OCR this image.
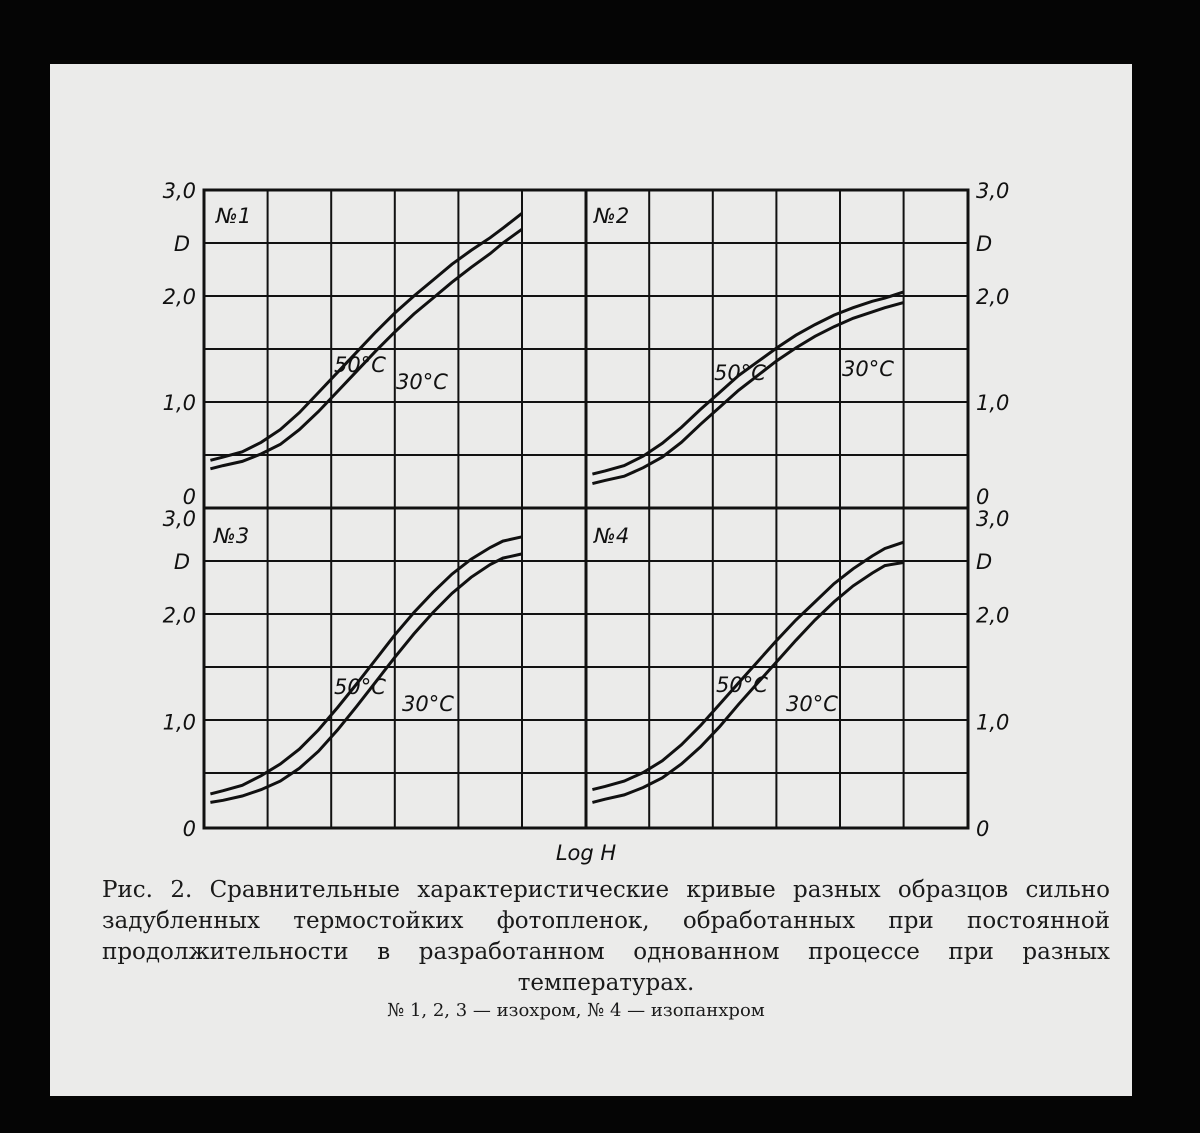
№1	№2
№3	№4
50°C
30°C	50°C	30°C
50°C
30°C
50°C
30°C
0
1,0
2,0
3,0
D
0
1,0
2,0
3,0
D
0
1,0
2,0
3,0
D
0
1,0
2,0
3,0
D
Log H
Рис. 2. Сравнительные характеристические кривые разных образцов сильно задубленных термостойких фотопленок, обработанных при постоянной продолжительности в разработанном однованном процессе при разных температурах.
№ 1, 2, 3 — изохром, № 4 — изопанхром
